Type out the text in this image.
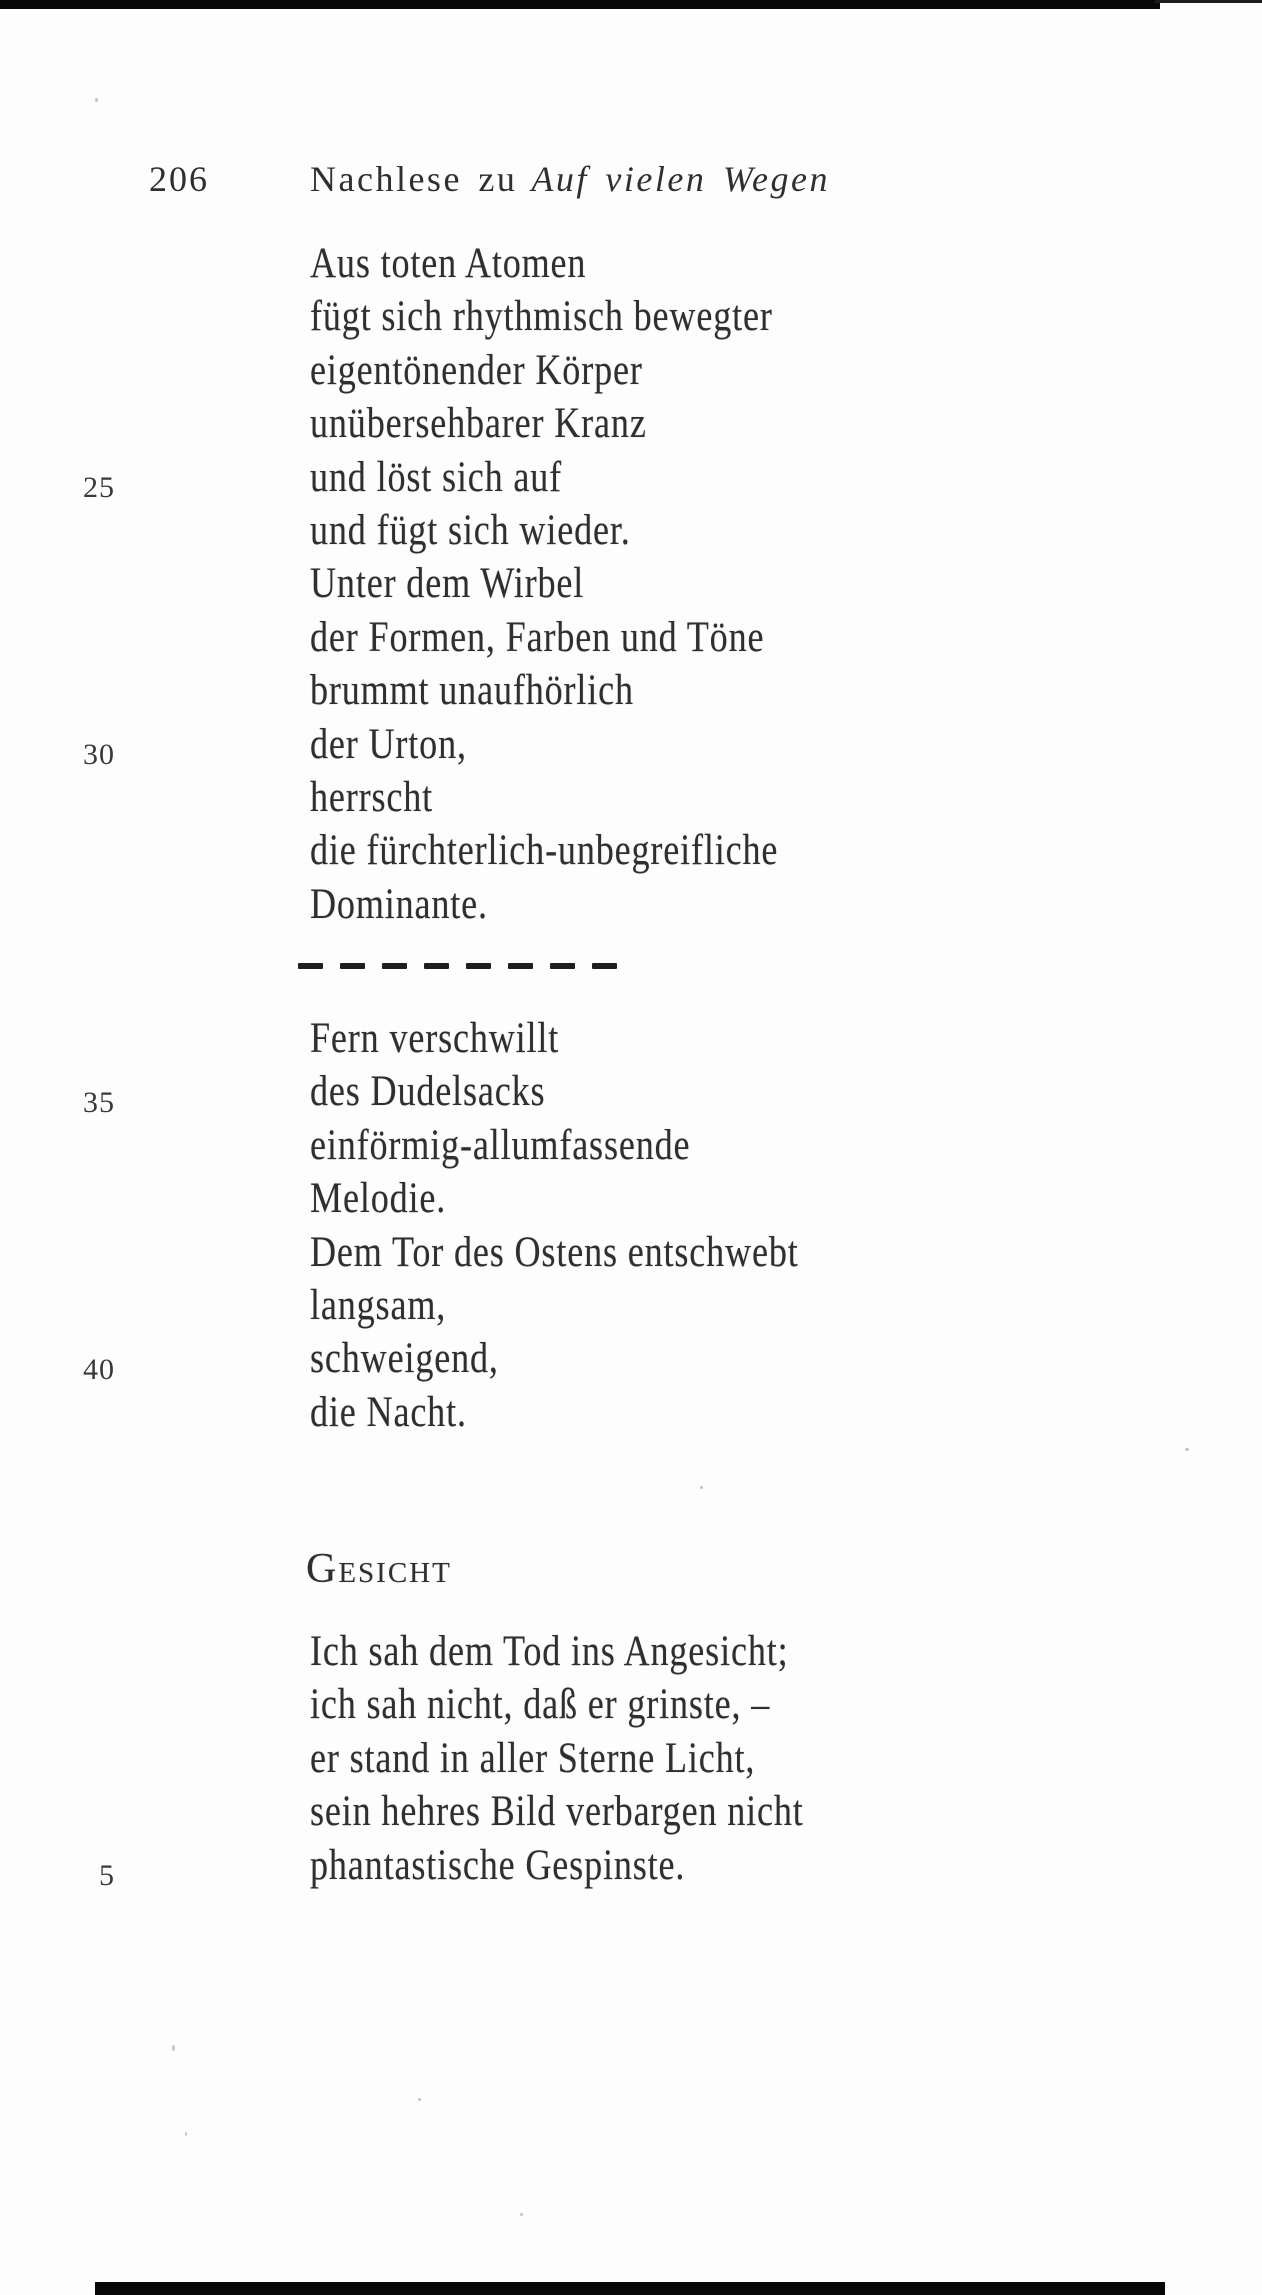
206	Nachlese zu Auf vielen Wegen
25
30
35
40
5
Aus toten Atomen
fügt sich rhythmisch bewegter
eigentönender Körper
unübersehbarer Kranz
und löst sich auf
und fügt sich wieder.
Unter dem Wirbel
der Formen, Farben und Töne
brummt unaufhörlich
der Urton,
herrscht
die fürchterlich-unbegreifliche
Dominante.
Fern verschwillt
des Dudelsacks
einförmig-allumfassende
Melodie.
Dem Tor des Ostens entschwebt
langsam,
schweigend,
die Nacht.
Gesicht
Ich sah dem Tod ins Angesicht;
ich sah nicht, daß er grinste, –
er stand in aller Sterne Licht,
sein hehres Bild verbargen nicht
phantastische Gespinste.
